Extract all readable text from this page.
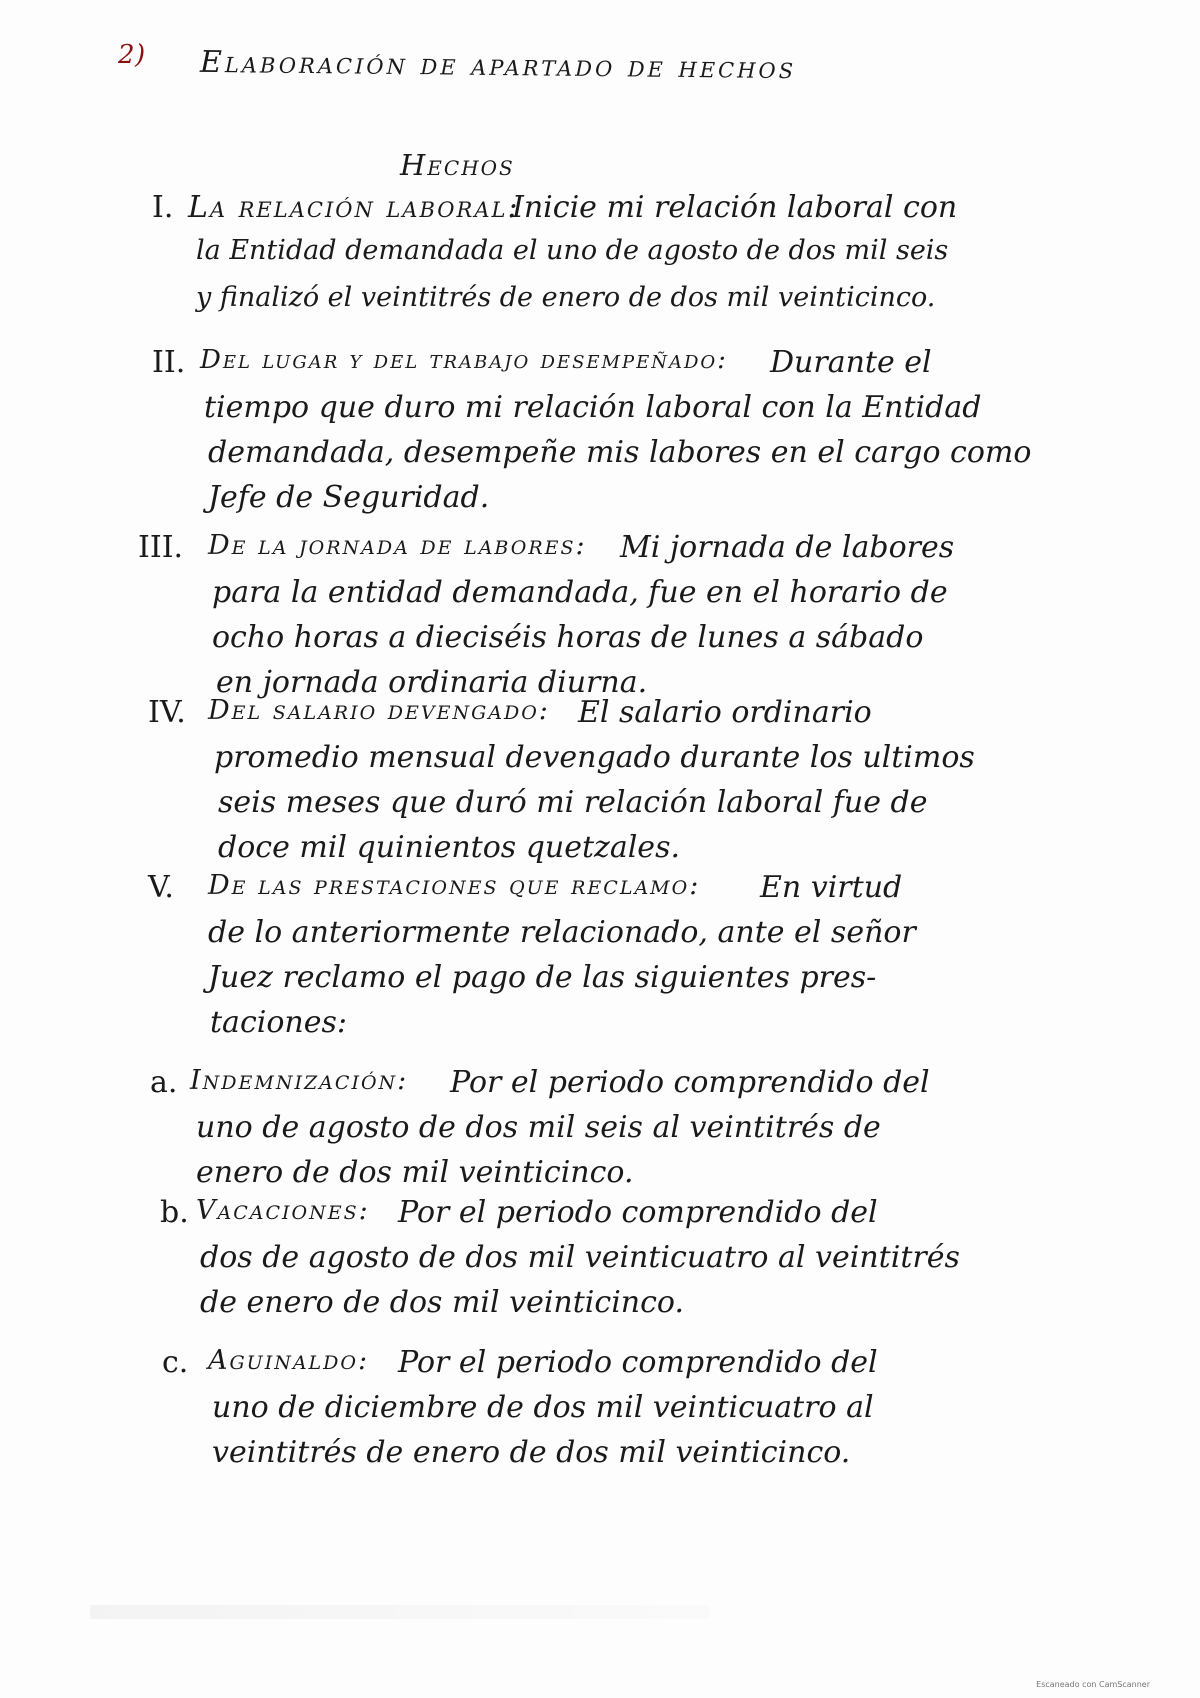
2) Elaboración de apartado de hechos
Hechos
I. La relación laboral:
Inicie mi relación laboral con
la Entidad demandada el uno de agosto de dos mil seis
y finalizó el veintitrés de enero de dos mil veinticinco.
II. Del lugar y del trabajo desempeñado: Durante el
tiempo que duro mi relación laboral con la Entidad
demandada, desempeñe mis labores en el cargo como
Jefe de Seguridad.
III. De la jornada de labores: Mi jornada de labores
para la entidad demandada, fue en el horario de
ocho horas a dieciséis horas de lunes a sábado
en jornada ordinaria diurna.
IV. Del salario devengado: El salario ordinario
promedio mensual devengado durante los ultimos
seis meses que duró mi relación laboral fue de
doce mil quinientos quetzales.
V. De las prestaciones que reclamo: En virtud
de lo anteriormente relacionado, ante el señor
Juez reclamo el pago de las siguientes pres-
taciones:
a. Indemnización: Por el periodo comprendido del
uno de agosto de dos mil seis al veintitrés de
enero de dos mil veinticinco.
b. Vacaciones: Por el periodo comprendido del
dos de agosto de dos mil veinticuatro al veintitrés
de enero de dos mil veinticinco.
c. Aguinaldo: Por el periodo comprendido del
uno de diciembre de dos mil veinticuatro al
veintitrés de enero de dos mil veinticinco.
Escaneado con CamScanner
